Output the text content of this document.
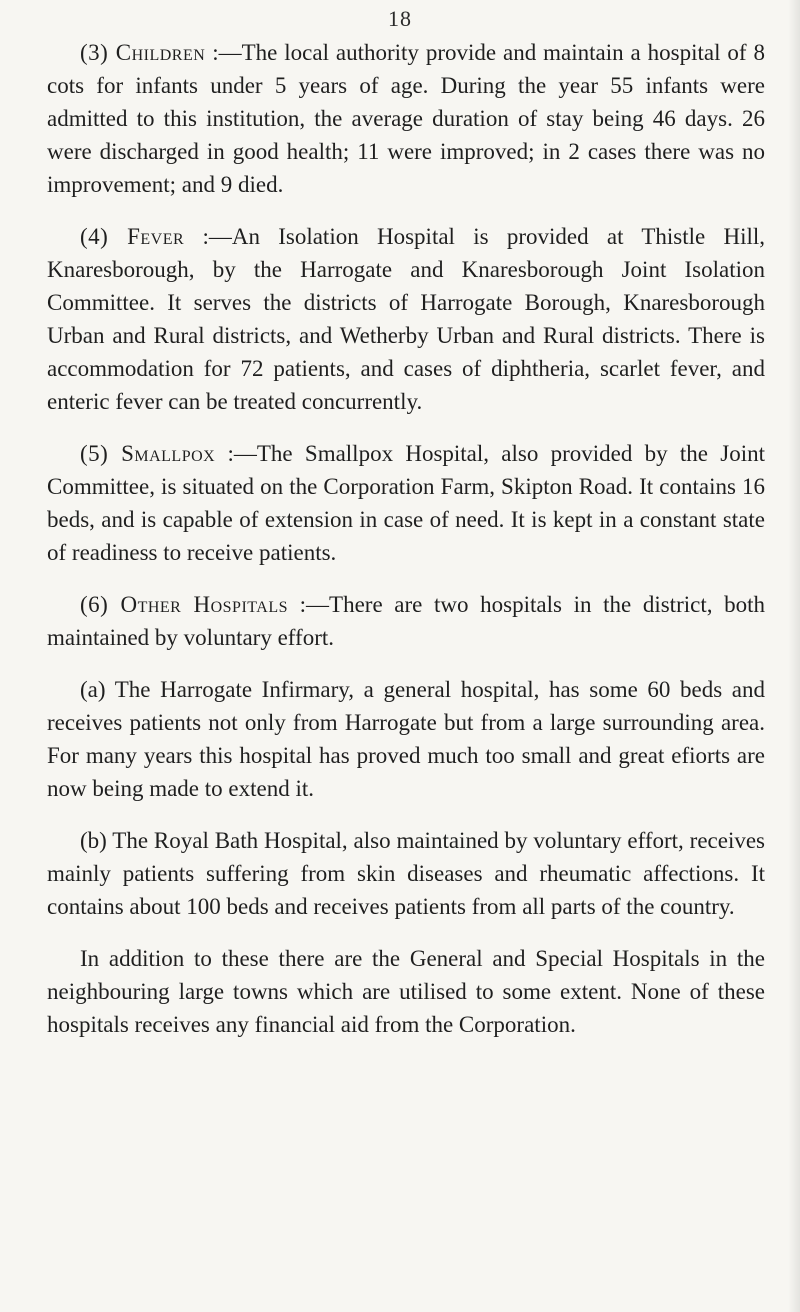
18

(3) Children :—The local authority provide and maintain a hospital of 8 cots for infants under 5 years of age. During the year 55 infants were admitted to this institution, the average duration of stay being 46 days. 26 were discharged in good health; 11 were improved; in 2 cases there was no improvement; and 9 died.

(4) Fever :—An Isolation Hospital is provided at Thistle Hill, Knaresborough, by the Harrogate and Knaresborough Joint Isolation Committee. It serves the districts of Harrogate Borough, Knaresborough Urban and Rural districts, and Wetherby Urban and Rural districts. There is accommodation for 72 patients, and cases of diphtheria, scarlet fever, and enteric fever can be treated concurrently.

(5) Smallpox :—The Smallpox Hospital, also provided by the Joint Committee, is situated on the Corporation Farm, Skipton Road. It contains 16 beds, and is capable of extension in case of need. It is kept in a constant state of readiness to receive patients.

(6) Other Hospitals :—There are two hospitals in the district, both maintained by voluntary effort.

(a) The Harrogate Infirmary, a general hospital, has some 60 beds and receives patients not only from Harrogate but from a large surrounding area. For many years this hospital has proved much too small and great efiorts are now being made to extend it.

(b) The Royal Bath Hospital, also maintained by voluntary effort, receives mainly patients suffering from skin diseases and rheumatic affections. It contains about 100 beds and receives patients from all parts of the country.

In addition to these there are the General and Special Hospitals in the neighbouring large towns which are utilised to some extent. None of these hospitals receives any financial aid from the Corporation.
